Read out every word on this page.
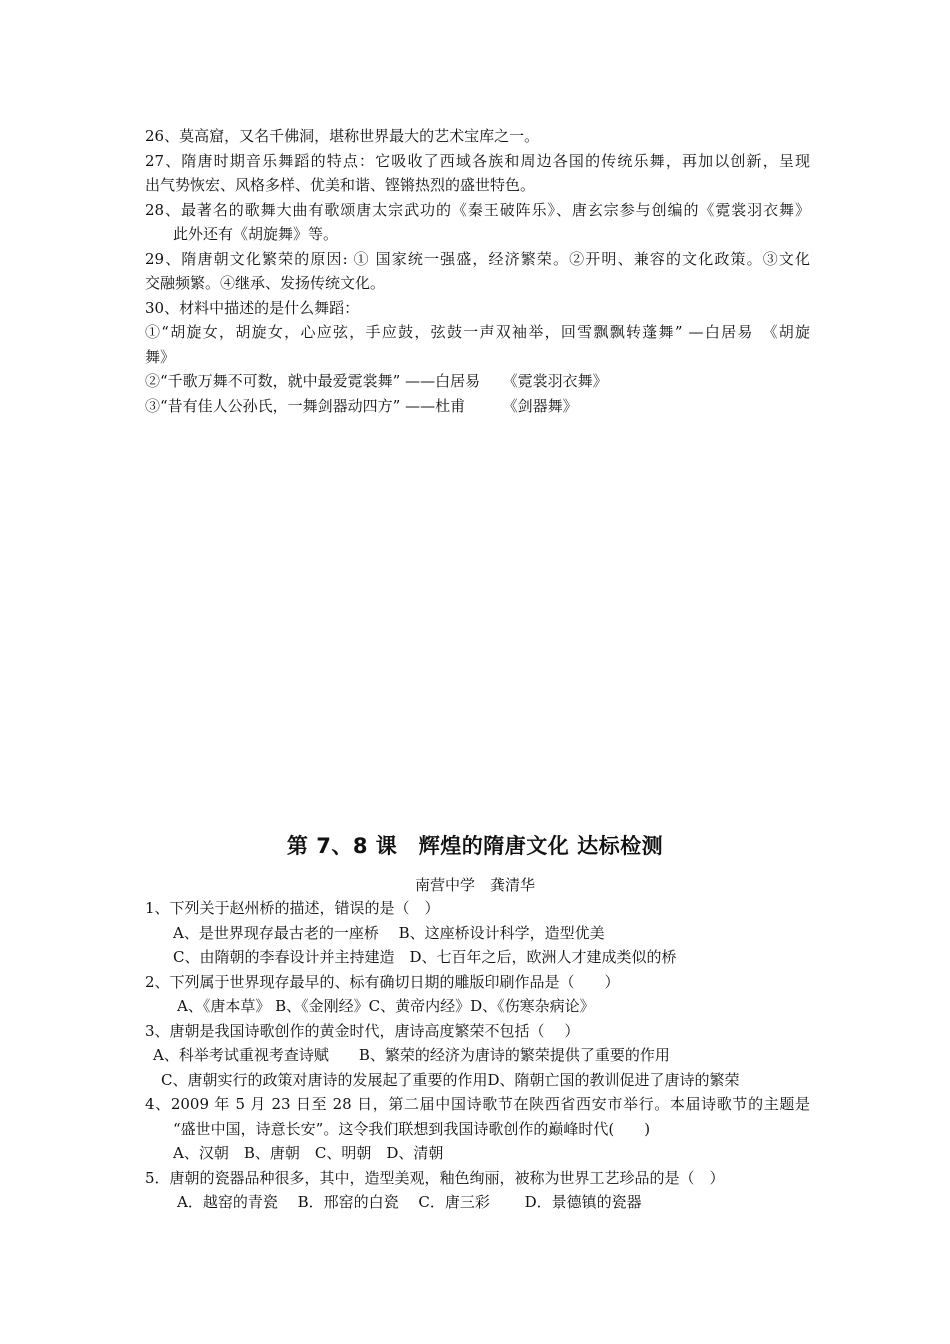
26、莫高窟，又名千佛洞，堪称世界最大的艺术宝库之一。
27、隋唐时期音乐舞蹈的特点：它吸收了西域各族和周边各国的传统乐舞，再加以创新，呈现
出气势恢宏、风格多样、优美和谐、铿锵热烈的盛世特色。
28、最著名的歌舞大曲有歌颂唐太宗武功的《秦王破阵乐》、唐玄宗参与创编的《霓裳羽衣舞》
此外还有《胡旋舞》等。
29、隋唐朝文化繁荣的原因: ① 国家统一强盛，经济繁荣。②开明、兼容的文化政策。③文化
交融频繁。④继承、发扬传统文化。
30、材料中描述的是什么舞蹈：
①“胡旋女，胡旋女，心应弦，手应鼓，弦鼓一声双袖举，回雪飘飘转蓬舞” —白居易　《胡旋
舞》
②“千歌万舞不可数，就中最爱霓裳舞” ——白居易　　《霓裳羽衣舞》
③“昔有佳人公孙氏，一舞剑器动四方” ——杜甫　　　《剑器舞》
第 7、8 课　辉煌的隋唐文化 达标检测
南营中学　龚清华
1、下列关于赵州桥的描述，错误的是（　）
A、是世界现存最古老的一座桥　 B、这座桥设计科学，造型优美
C、由隋朝的李春设计并主持建造　D、七百年之后，欧洲人才建成类似的桥
2、下列属于世界现存最早的、标有确切日期的雕版印刷作品是（　　）
A、《唐本草》 B、《金刚经》C、黄帝内经》D、《伤寒杂病论》
3、唐朝是我国诗歌创作的黄金时代，唐诗高度繁荣不包括（　 ）
A、科举考试重视考查诗赋　　B、繁荣的经济为唐诗的繁荣提供了重要的作用
C、唐朝实行的政策对唐诗的发展起了重要的作用D、隋朝亡国的教训促进了唐诗的繁荣
4、2009 年 5 月 23 日至 28 日，第二届中国诗歌节在陕西省西安市举行。本届诗歌节的主题是
“盛世中国，诗意长安”。这令我们联想到我国诗歌创作的巅峰时代(　　)
A、汉朝　B、唐朝　C、明朝　D、清朝
5．唐朝的瓷器品种很多，其中，造型美观，釉色绚丽，被称为世界工艺珍品的是（　）
A．越窑的青瓷　 B．邢窑的白瓷　 C．唐三彩　　 D．景德镇的瓷器
